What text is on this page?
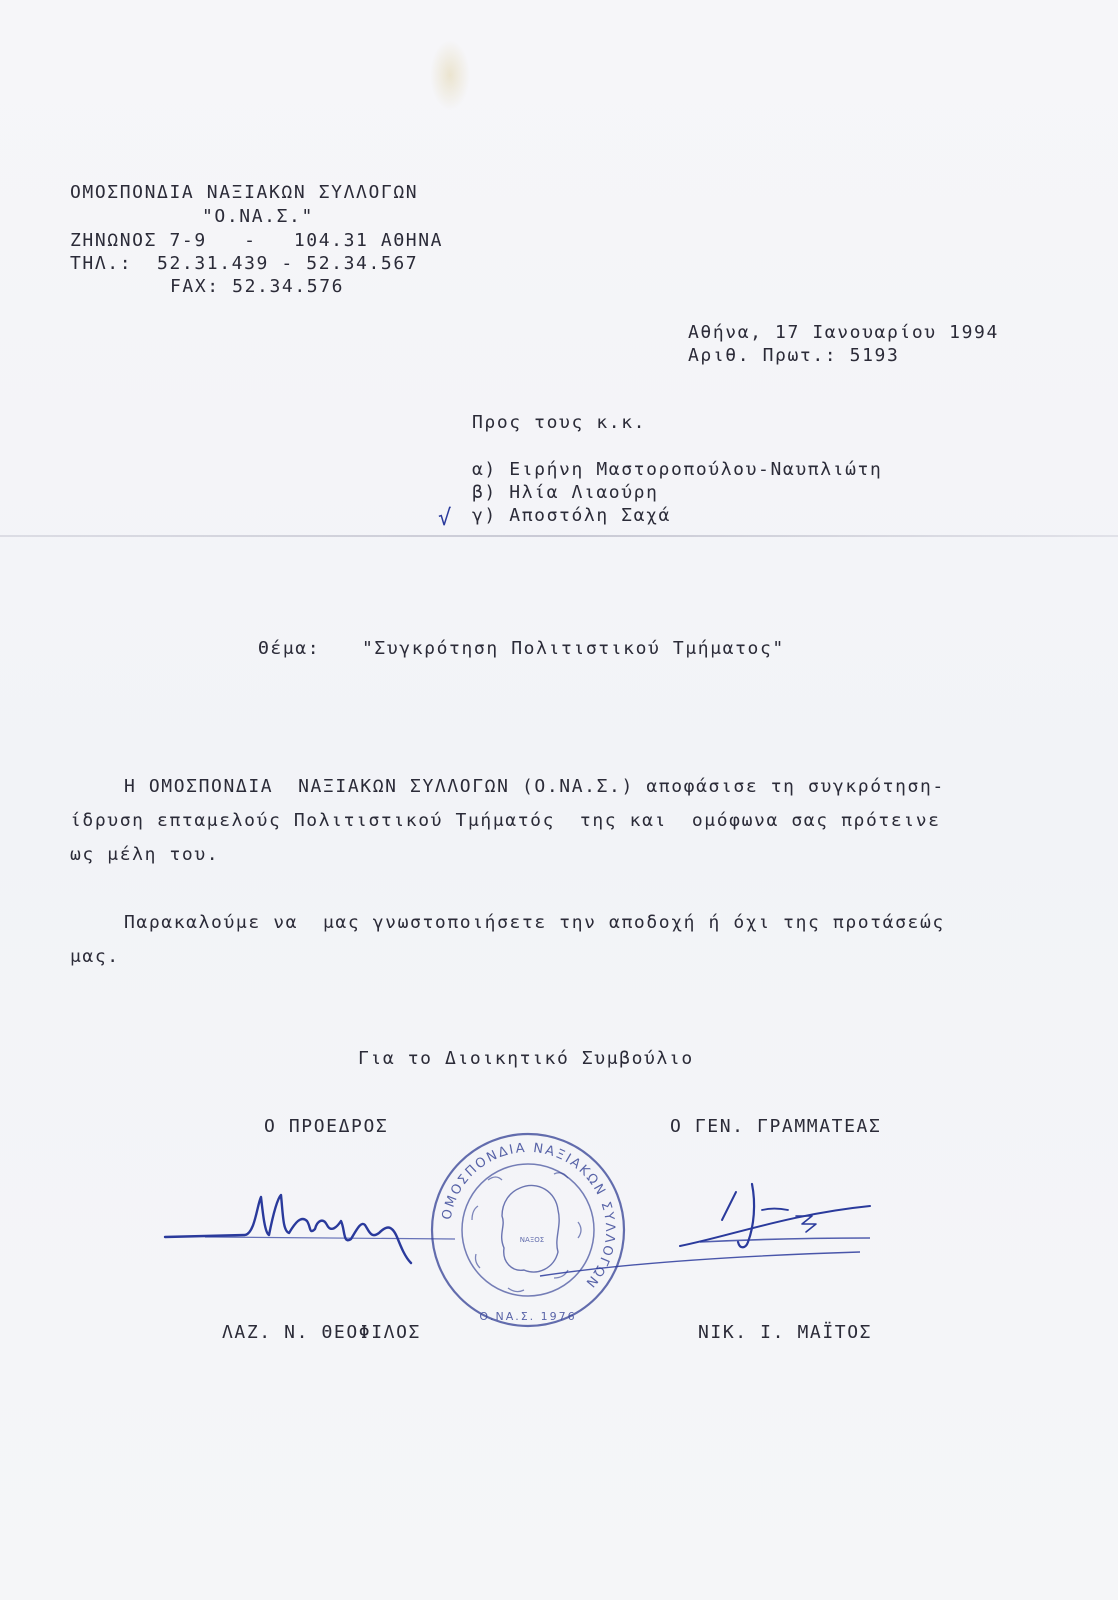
ΟΜΟΣΠΟΝΔΙΑ ΝΑΞΙΑΚΩΝ ΣΥΛΛΟΓΩΝ
"Ο.ΝΑ.Σ."
ΖΗΝΩΝΟΣ 7-9   -   104.31 ΑΘΗΝΑ
ΤΗΛ.:  52.31.439 - 52.34.567
FAX: 52.34.576
Αθήνα, 17 Ιανουαρίου 1994
Αριθ. Πρωτ.: 5193
Προς τους κ.κ.
α) Ειρήνη Μαστοροπούλου-Ναυπλιώτη
β) Ηλία Λιαούρη
γ) Αποστόλη Σαχά
√
Θέμα: "Συγκρότηση Πολιτιστικού Τμήματος"
Η ΟΜΟΣΠΟΝΔΙΑ  ΝΑΞΙΑΚΩΝ ΣΥΛΛΟΓΩΝ (Ο.ΝΑ.Σ.) αποφάσισε τη συγκρότηση-
ίδρυση επταμελούς Πολιτιστικού Τμήματός  της και  ομόφωνα σας πρότεινε
ως μέλη του.
Παρακαλούμε να  μας γνωστοποιήσετε την αποδοχή ή όχι της προτάσεώς
μας.
Για το Διοικητικό Συμβούλιο
Ο ΠΡΟΕΔΡΟΣ	Ο ΓΕΝ. ΓΡΑΜΜΑΤΕΑΣ
ΛΑΖ. Ν. ΘΕΟΦΙΛΟΣ	ΝΙΚ. Ι. ΜΑΪΤΟΣ
ΟΜΟΣΠΟΝΔΙΑ ΝΑΞΙΑΚΩΝ ΣΥΛΛΟΓΩΝ
Ο.ΝΑ.Σ. 1976
ΝΑΞΟΣ
